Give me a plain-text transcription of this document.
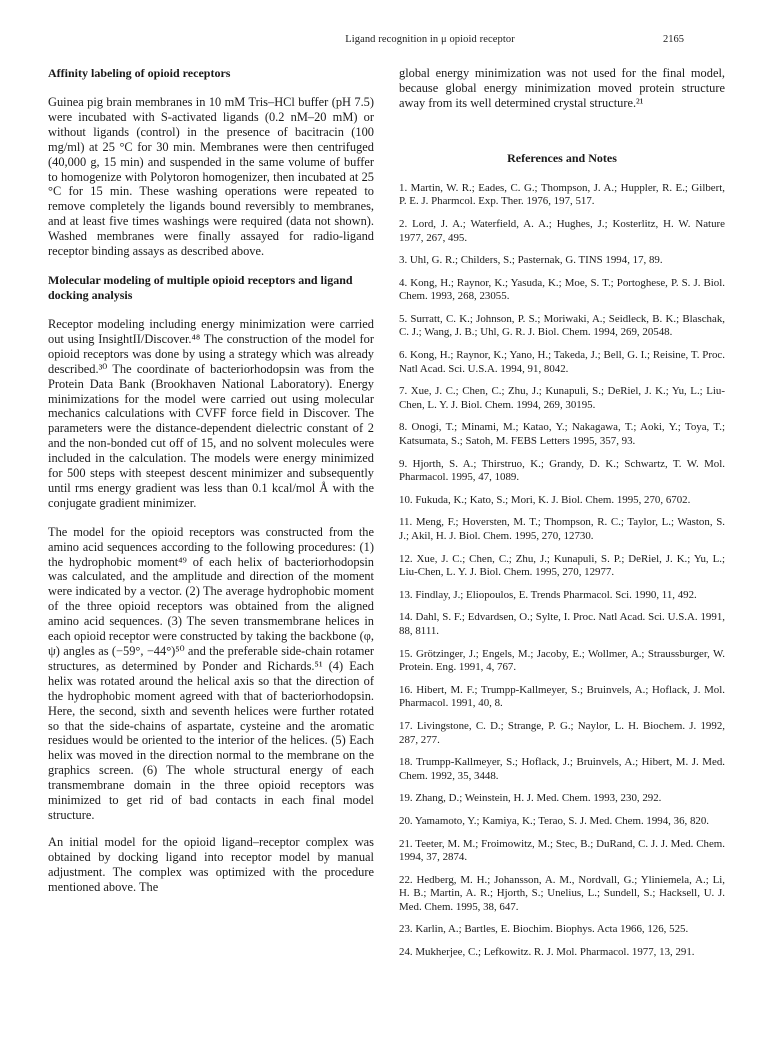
Ligand recognition in μ opioid receptor	2165
Affinity labeling of opioid receptors

Guinea pig brain membranes in 10 mM Tris–HCl buffer (pH 7.5) were incubated with S-activated ligands (0.2 nM–20 mM) or without ligands (control) in the presence of bacitracin (100 mg/ml) at 25 °C for 30 min. Membranes were then centrifuged (40,000 g, 15 min) and suspended in the same volume of buffer to homogenize with Polytoron homogenizer, then incubated at 25 °C for 15 min. These washing operations were repeated to remove completely the ligands bound reversibly to membranes, and at least five times washings were required (data not shown). Washed membranes were finally assayed for radio-ligand receptor binding assays as described above.

Molecular modeling of multiple opioid receptors and ligand docking analysis

Receptor modeling including energy minimization were carried out using InsightII/Discover.⁴⁸ The construction of the model for opioid receptors was done by using a strategy which was already described.³⁰ The coordinate of bacteriorhodopsin was from the Protein Data Bank (Brookhaven National Laboratory). Energy minimizations for the model were carried out using molecular mechanics calculations with CVFF force field in Discover. The parameters were the distance-dependent dielectric constant of 2 and the non-bonded cut off of 15, and no solvent molecules were included in the calculation. The models were energy minimized for 500 steps with steepest descent minimizer and subsequently until rms energy gradient was less than 0.1 kcal/mol Å with the conjugate gradient minimizer.

The model for the opioid receptors was constructed from the amino acid sequences according to the following procedures: (1) the hydrophobic moment⁴⁹ of each helix of bacteriorhodopsin was calculated, and the amplitude and direction of the moment were indicated by a vector. (2) The average hydrophobic moment of the three opioid receptors was obtained from the aligned amino acid sequences. (3) The seven transmembrane helices in each opioid receptor were constructed by taking the backbone (φ, ψ) angles as (−59°, −44°)⁵⁰ and the preferable side-chain rotamer structures, as determined by Ponder and Richards.⁵¹ (4) Each helix was rotated around the helical axis so that the direction of the hydrophobic moment agreed with that of bacteriorhodopsin. Here, the second, sixth and seventh helices were further rotated so that the side-chains of aspartate, cysteine and the aromatic residues would be oriented to the interior of the helices. (5) Each helix was moved in the direction normal to the membrane on the graphics screen. (6) The whole structural energy of each transmembrane domain in the three opioid receptors was minimized to get rid of bad contacts in each final model structure.

An initial model for the opioid ligand–receptor complex was obtained by docking ligand into receptor model by manual adjustment. The complex was optimized with the procedure mentioned above. The

global energy minimization was not used for the final model, because global energy minimization moved protein structure away from its well determined crystal structure.²¹

References and Notes
1. Martin, W. R.; Eades, C. G.; Thompson, J. A.; Huppler, R. E.; Gilbert, P. E. J. Pharmcol. Exp. Ther. 1976, 197, 517.
2. Lord, J. A.; Waterfield, A. A.; Hughes, J.; Kosterlitz, H. W. Nature 1977, 267, 495.
3. Uhl, G. R.; Childers, S.; Pasternak, G. TINS 1994, 17, 89.
4. Kong, H.; Raynor, K.; Yasuda, K.; Moe, S. T.; Portoghese, P. S. J. Biol. Chem. 1993, 268, 23055.
5. Surratt, C. K.; Johnson, P. S.; Moriwaki, A.; Seidleck, B. K.; Blaschak, C. J.; Wang, J. B.; Uhl, G. R. J. Biol. Chem. 1994, 269, 20548.
6. Kong, H.; Raynor, K.; Yano, H.; Takeda, J.; Bell, G. I.; Reisine, T. Proc. Natl Acad. Sci. U.S.A. 1994, 91, 8042.
7. Xue, J. C.; Chen, C.; Zhu, J.; Kunapuli, S.; DeRiel, J. K.; Yu, L.; Liu-Chen, L. Y. J. Biol. Chem. 1994, 269, 30195.
8. Onogi, T.; Minami, M.; Katao, Y.; Nakagawa, T.; Aoki, Y.; Toya, T.; Katsumata, S.; Satoh, M. FEBS Letters 1995, 357, 93.
9. Hjorth, S. A.; Thirstruo, K.; Grandy, D. K.; Schwartz, T. W. Mol. Pharmacol. 1995, 47, 1089.
10. Fukuda, K.; Kato, S.; Mori, K. J. Biol. Chem. 1995, 270, 6702.
11. Meng, F.; Hoversten, M. T.; Thompson, R. C.; Taylor, L.; Waston, S. J.; Akil, H. J. Biol. Chem. 1995, 270, 12730.
12. Xue, J. C.; Chen, C.; Zhu, J.; Kunapuli, S. P.; DeRiel, J. K.; Yu, L.; Liu-Chen, L. Y. J. Biol. Chem. 1995, 270, 12977.
13. Findlay, J.; Eliopoulos, E. Trends Pharmacol. Sci. 1990, 11, 492.
14. Dahl, S. F.; Edvardsen, O.; Sylte, I. Proc. Natl Acad. Sci. U.S.A. 1991, 88, 8111.
15. Grötzinger, J.; Engels, M.; Jacoby, E.; Wollmer, A.; Straussburger, W. Protein. Eng. 1991, 4, 767.
16. Hibert, M. F.; Trumpp-Kallmeyer, S.; Bruinvels, A.; Hoflack, J. Mol. Pharmacol. 1991, 40, 8.
17. Livingstone, C. D.; Strange, P. G.; Naylor, L. H. Biochem. J. 1992, 287, 277.
18. Trumpp-Kallmeyer, S.; Hoflack, J.; Bruinvels, A.; Hibert, M. J. Med. Chem. 1992, 35, 3448.
19. Zhang, D.; Weinstein, H. J. Med. Chem. 1993, 230, 292.
20. Yamamoto, Y.; Kamiya, K.; Terao, S. J. Med. Chem. 1994, 36, 820.
21. Teeter, M. M.; Froimowitz, M.; Stec, B.; DuRand, C. J. J. Med. Chem. 1994, 37, 2874.
22. Hedberg, M. H.; Johansson, A. M., Nordvall, G.; Yliniemela, A.; Li, H. B.; Martin, A. R.; Hjorth, S.; Unelius, L.; Sundell, S.; Hacksell, U. J. Med. Chem. 1995, 38, 647.
23. Karlin, A.; Bartles, E. Biochim. Biophys. Acta 1966, 126, 525.
24. Mukherjee, C.; Lefkowitz. R. J. Mol. Pharmacol. 1977, 13, 291.
